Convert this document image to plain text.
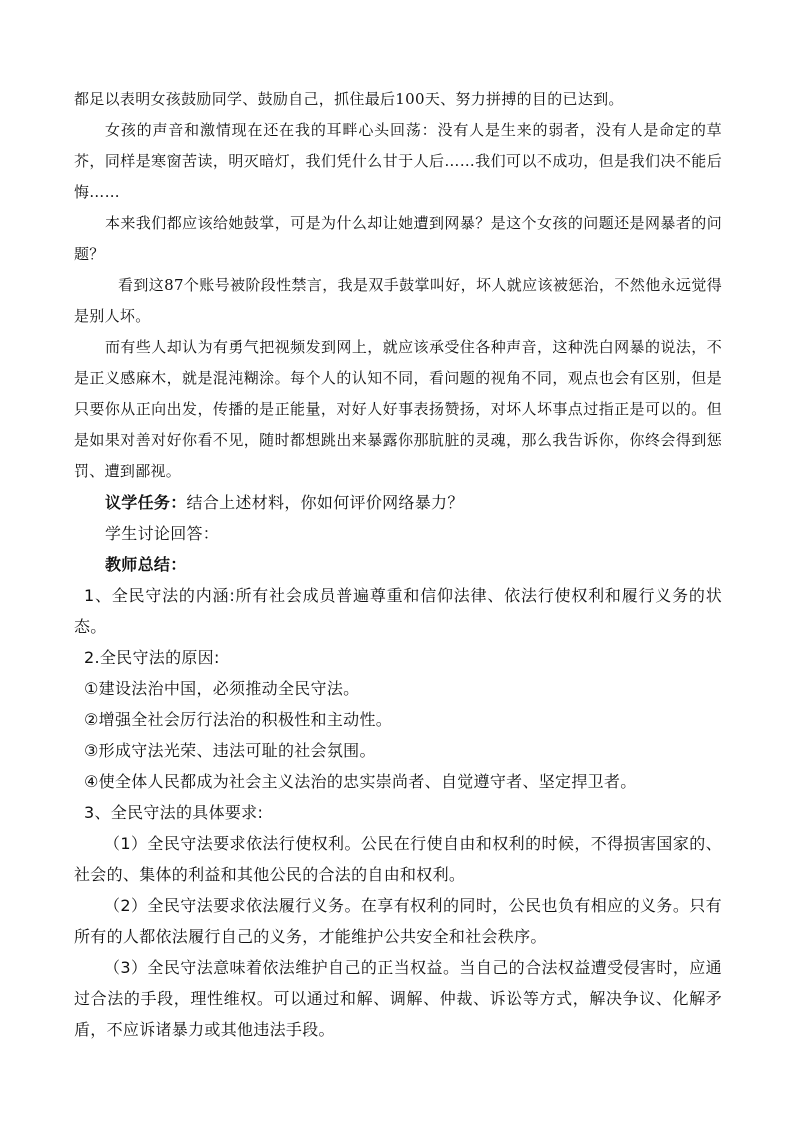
都足以表明女孩鼓励同学、鼓励自己，抓住最后100天、努力拼搏的目的已达到。

女孩的声音和激情现在还在我的耳畔心头回荡：没有人是生来的弱者，没有人是命定的草芥，同样是寒窗苦读，明灭暗灯，我们凭什么甘于人后……我们可以不成功，但是我们决不能后悔……

本来我们都应该给她鼓掌，可是为什么却让她遭到网暴？是这个女孩的问题还是网暴者的问题？

看到这87个账号被阶段性禁言，我是双手鼓掌叫好，坏人就应该被惩治，不然他永远觉得是别人坏。

而有些人却认为有勇气把视频发到网上，就应该承受住各种声音，这种洗白网暴的说法，不是正义感麻木，就是混沌糊涂。每个人的认知不同，看问题的视角不同，观点也会有区别，但是只要你从正向出发，传播的是正能量，对好人好事表扬赞扬，对坏人坏事点过指正是可以的。但是如果对善对好你看不见，随时都想跳出来暴露你那肮脏的灵魂，那么我告诉你，你终会得到惩罚、遭到鄙视。

议学任务：结合上述材料，你如何评价网络暴力？

学生讨论回答：

教师总结：

1、全民守法的内涵:所有社会成员普遍尊重和信仰法律、依法行使权利和履行义务的状态。

2.全民守法的原因:

①建设法治中国，必须推动全民守法。

②增强全社会厉行法治的积极性和主动性。

③形成守法光荣、违法可耻的社会氛围。

④使全体人民都成为社会主义法治的忠实崇尚者、自觉遵守者、坚定捍卫者。

3、全民守法的具体要求:

（1）全民守法要求依法行使权利。公民在行使自由和权利的时候，不得损害国家的、社会的、集体的利益和其他公民的合法的自由和权利。

（2）全民守法要求依法履行义务。在享有权利的同时，公民也负有相应的义务。只有所有的人都依法履行自己的义务，才能维护公共安全和社会秩序。

（3）全民守法意味着依法维护自己的正当权益。当自己的合法权益遭受侵害时，应通过合法的手段，理性维权。可以通过和解、调解、仲裁、诉讼等方式，解决争议、化解矛盾，不应诉诸暴力或其他违法手段。
